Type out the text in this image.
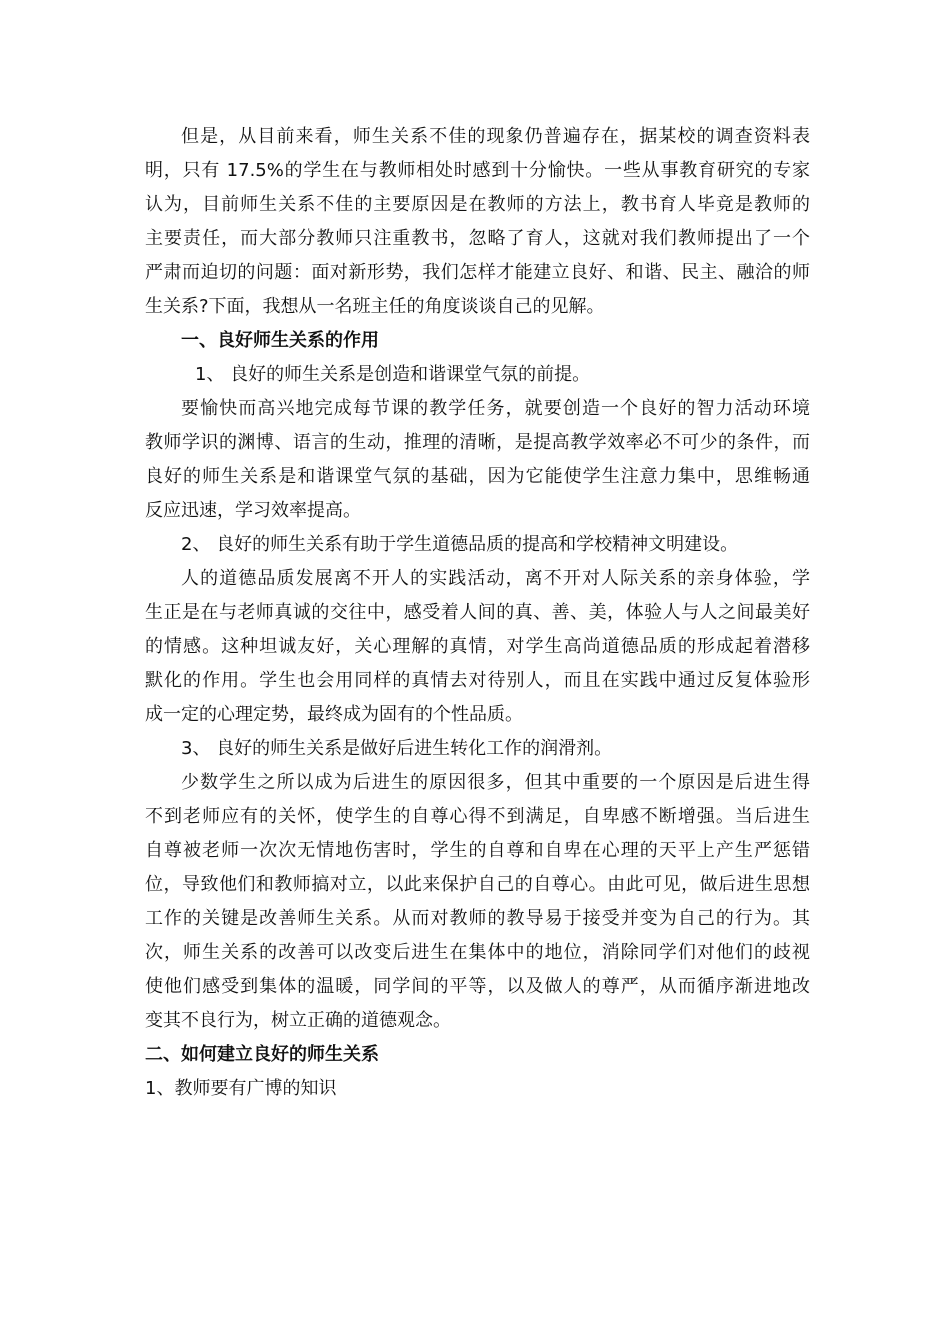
但是，从目前来看，师生关系不佳的现象仍普遍存在，据某校的调查资料表
明，只有 17.5%的学生在与教师相处时感到十分愉快。一些从事教育研究的专家
认为，目前师生关系不佳的主要原因是在教师的方法上，教书育人毕竟是教师的
主要责任，而大部分教师只注重教书，忽略了育人，这就对我们教师提出了一个
严肃而迫切的问题：面对新形势，我们怎样才能建立良好、和谐、民主、融洽的师
生关系?下面，我想从一名班主任的角度谈谈自己的见解。
一、良好师生关系的作用
1、 良好的师生关系是创造和谐课堂气氛的前提。
要愉快而高兴地完成每节课的教学任务，就要创造一个良好的智力活动环境
教师学识的渊博、语言的生动，推理的清晰，是提高教学效率必不可少的条件，而
良好的师生关系是和谐课堂气氛的基础，因为它能使学生注意力集中，思维畅通
反应迅速，学习效率提高。
2、 良好的师生关系有助于学生道德品质的提高和学校精神文明建设。
人的道德品质发展离不开人的实践活动，离不开对人际关系的亲身体验，学
生正是在与老师真诚的交往中，感受着人间的真、善、美，体验人与人之间最美好
的情感。这种坦诚友好，关心理解的真情，对学生高尚道德品质的形成起着潜移
默化的作用。学生也会用同样的真情去对待别人，而且在实践中通过反复体验形
成一定的心理定势，最终成为固有的个性品质。
3、 良好的师生关系是做好后进生转化工作的润滑剂。
少数学生之所以成为后进生的原因很多，但其中重要的一个原因是后进生得
不到老师应有的关怀，使学生的自尊心得不到满足，自卑感不断增强。当后进生
自尊被老师一次次无情地伤害时，学生的自尊和自卑在心理的天平上产生严惩错
位，导致他们和教师搞对立，以此来保护自己的自尊心。由此可见，做后进生思想
工作的关键是改善师生关系。从而对教师的教导易于接受并变为自己的行为。其
次，师生关系的改善可以改变后进生在集体中的地位，消除同学们对他们的歧视
使他们感受到集体的温暖，同学间的平等，以及做人的尊严，从而循序渐进地改
变其不良行为，树立正确的道德观念。
二、如何建立良好的师生关系
1、教师要有广博的知识
